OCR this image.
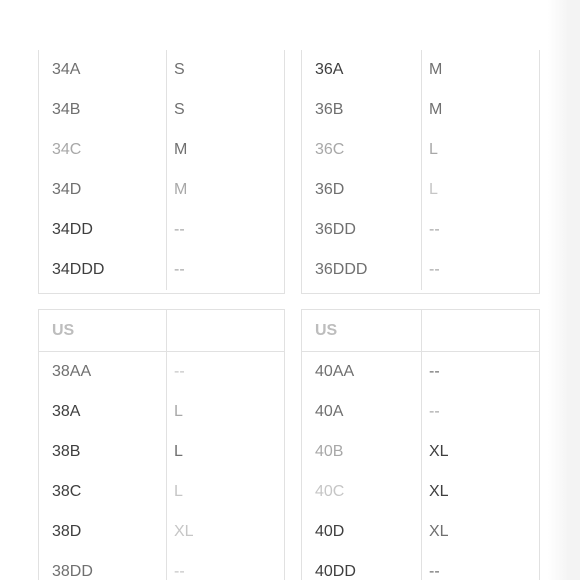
34A	S
34B	S
34C	M
34D	M
34DD	--
34DDD	--
36A	M
36B	M
36C	L
36D	L
36DD	--
36DDD	--
US
38AA	--
38A	L
38B	L
38C	L
38D	XL
38DD	--
US
40AA	--
40A	--
40B	XL
40C	XL
40D	XL
40DD	--
